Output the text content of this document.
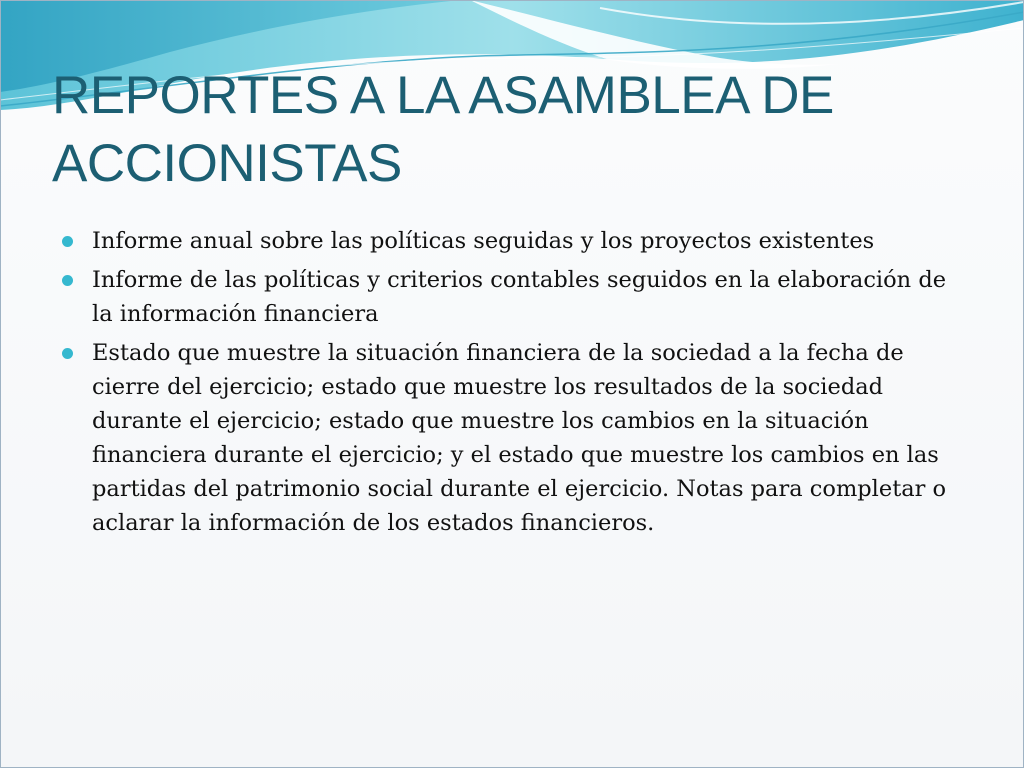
REPORTES A LA ASAMBLEA DE ACCIONISTAS
Informe anual sobre las políticas seguidas y los proyectos existentes
Informe de las políticas y criterios contables seguidos en la elaboración de la información financiera
Estado que muestre la situación financiera de la sociedad a la fecha de cierre del ejercicio; estado que muestre los resultados de la sociedad durante el ejercicio; estado que muestre los cambios en la situación financiera durante el ejercicio; y el estado que muestre los cambios en las partidas del patrimonio social durante el ejercicio. Notas para completar o aclarar la información de los estados financieros.
